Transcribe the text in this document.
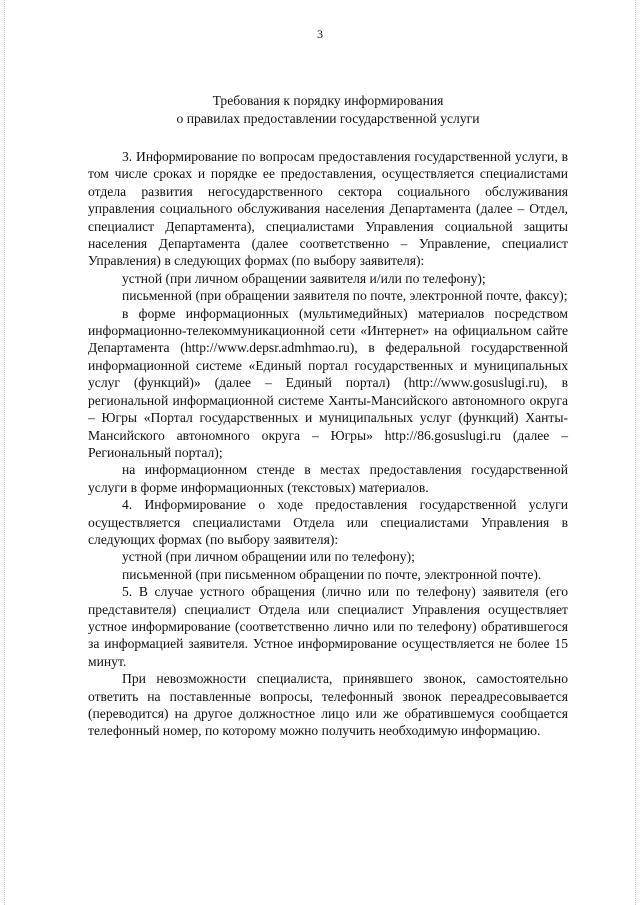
3
Требования к порядку информирования
о правилах предоставлении государственной услуги

3. Информирование по вопросам предоставления государственной услуги, в том числе сроках и порядке ее предоставления, осуществляется специалистами отдела развития негосударственного сектора социального обслуживания управления социального обслуживания населения Департамента (далее – Отдел, специалист Департамента), специалистами Управления социальной защиты населения Департамента (далее соответственно – Управление, специалист Управления) в следующих формах (по выбору заявителя):

устной (при личном обращении заявителя и/или по телефону);

письменной (при обращении заявителя по почте, электронной почте, факсу);

в форме информационных (мультимедийных) материалов посредством информационно-телекоммуникационной сети «Интернет» на официальном сайте Департамента (http://www.depsr.admhmao.ru), в федеральной государственной информационной системе «Единый портал государственных и муниципальных услуг (функций)» (далее – Единый портал) (http://www.gosuslugi.ru), в региональной информационной системе Ханты-Мансийского автономного округа – Югры «Портал государственных и муниципальных услуг (функций) Ханты-Мансийского автономного округа – Югры» http://86.gosuslugi.ru (далее – Региональный портал);

на информационном стенде в местах предоставления государственной услуги в форме информационных (текстовых) материалов.

4. Информирование о ходе предоставления государственной услуги осуществляется специалистами Отдела или специалистами Управления в следующих формах (по выбору заявителя):

устной (при личном обращении или по телефону);

письменной (при письменном обращении по почте, электронной почте).

5. В случае устного обращения (лично или по телефону) заявителя (его представителя) специалист Отдела или специалист Управления осуществляет устное информирование (соответственно лично или по телефону) обратившегося за информацией заявителя. Устное информирование осуществляется не более 15 минут.

При невозможности специалиста, принявшего звонок, самостоятельно ответить на поставленные вопросы, телефонный звонок переадресовывается (переводится) на другое должностное лицо или же обратившемуся сообщается телефонный номер, по которому можно получить необходимую информацию.
